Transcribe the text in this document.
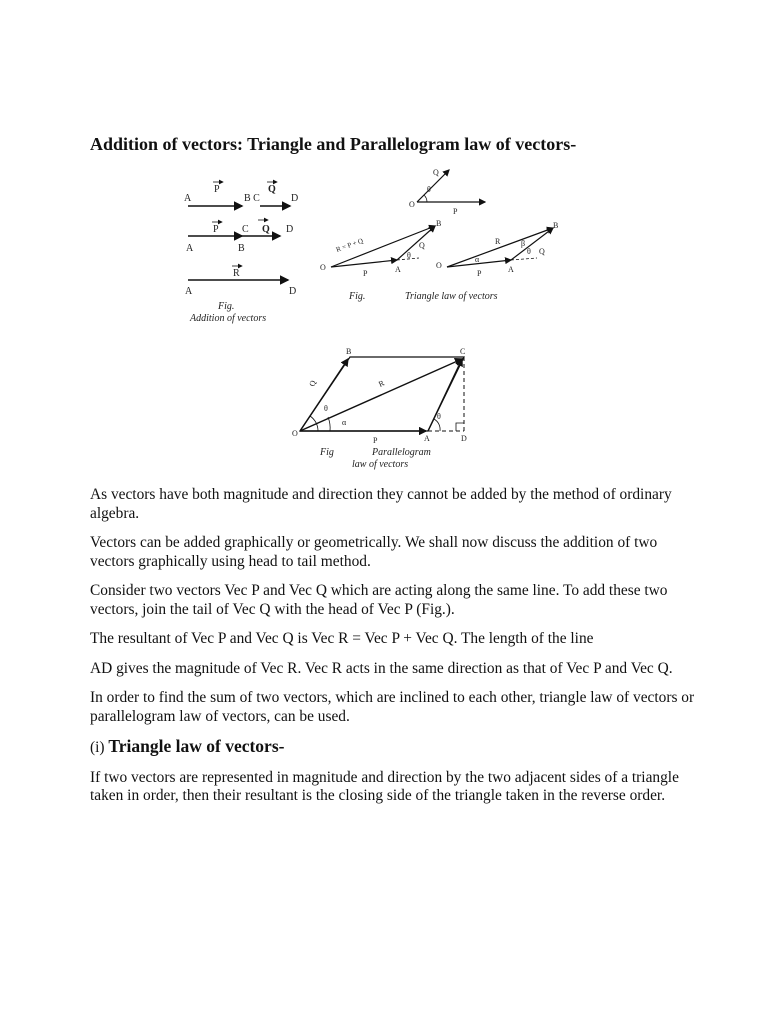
Addition of vectors: Triangle and Parallelogram law of vectors-
A	B C	D
P	Q
A	B
C	D
P	Q
A	D
R
Fig.
Addition of vectors
O
Q
P
θ
O	A
B
P
Q
R = P + Q
θ
O	A
B
P
Q
R
θ
α
β
Fig.	Triangle law of vectors
O
A
B	C
D
P
Q	R
θ
α
θ
Fig	Parallelogram
law of vectors

As vectors have both magnitude and direction they cannot be added by the method of ordinary algebra.

Vectors can be added graphically or geometrically. We shall now discuss the addition of two vectors graphically using head to tail method.

Consider two vectors Vec P and Vec Q which are acting along the same line. To add these two vectors, join the tail of Vec Q with the head of Vec P (Fig.).

The resultant of Vec P and Vec Q is Vec R = Vec P + Vec Q. The length of the line

AD gives the magnitude of Vec R. Vec R acts in the same direction as that of Vec P and Vec Q.

In order to find the sum of two vectors, which are inclined to each other, triangle law of vectors or parallelogram law of vectors, can be used.

(i) Triangle law of vectors-

If two vectors are represented in magnitude and direction by the two adjacent sides of a triangle taken in order, then their resultant is the closing side of the triangle taken in the reverse order.
